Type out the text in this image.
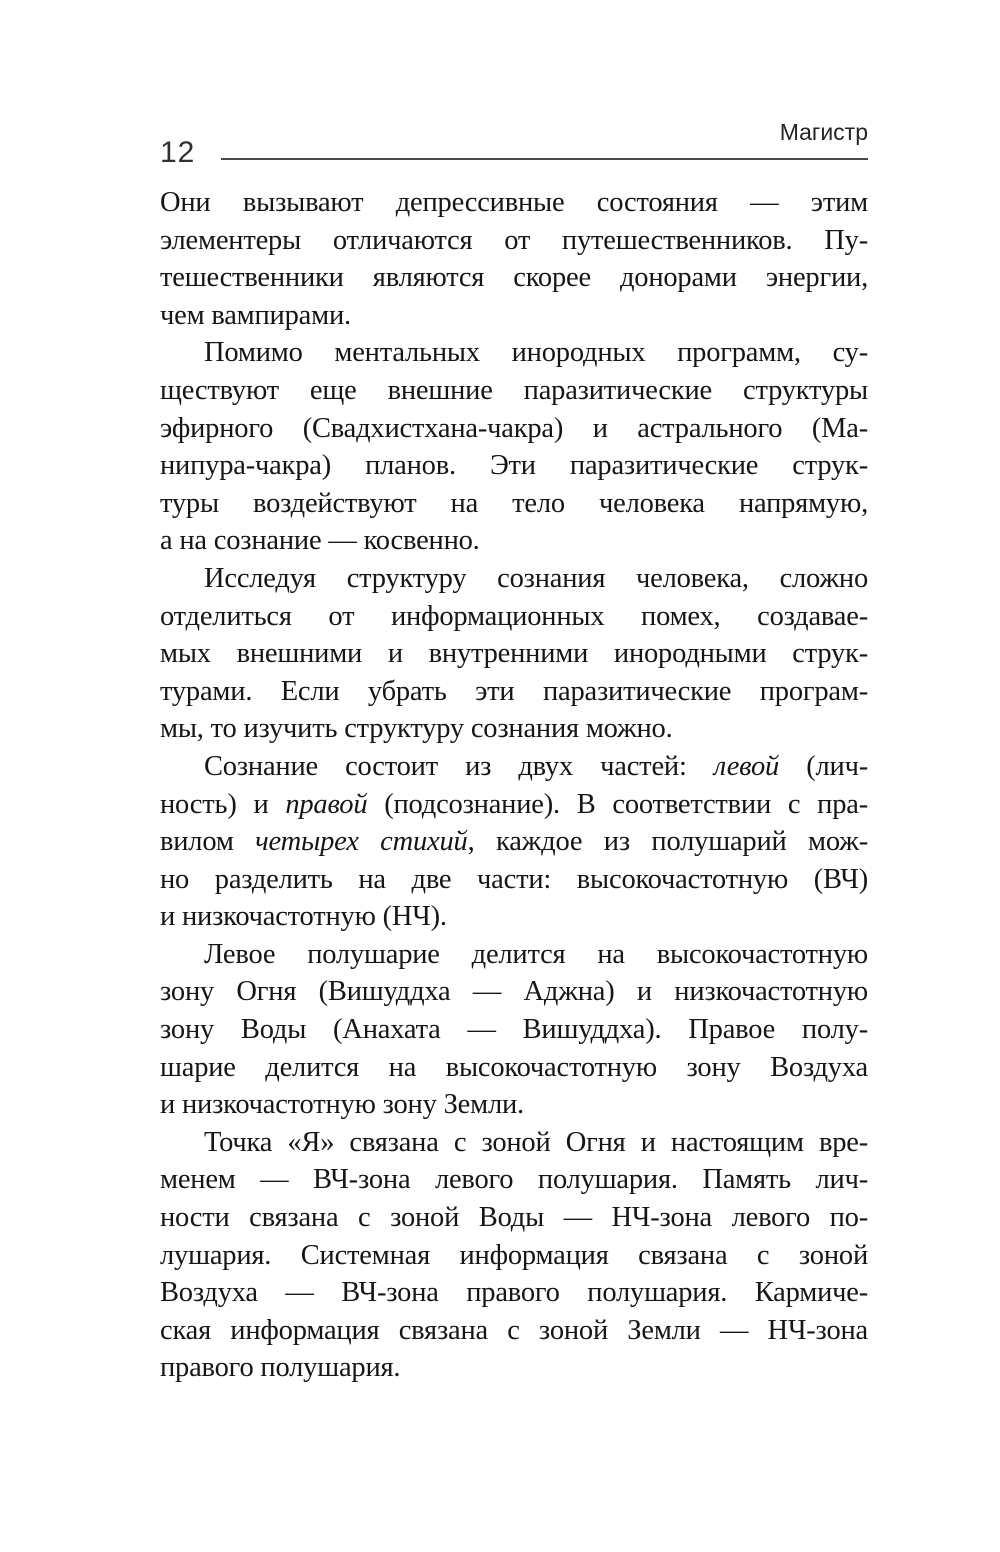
12
Магистр
Они вызывают депрессивные состояния — этим
элементеры отличаются от путешественников. Пу-
тешественники являются скорее донорами энергии,
чем вампирами.
Помимо ментальных инородных программ, су-
ществуют еще внешние паразитические структуры
эфирного (Свадхистхана-чакра) и астрального (Ма-
нипура-чакра) планов. Эти паразитические струк-
туры воздействуют на тело человека напрямую,
а на сознание — косвенно.
Исследуя структуру сознания человека, сложно
отделиться от информационных помех, создавае-
мых внешними и внутренними инородными струк-
турами. Если убрать эти паразитические програм-
мы, то изучить структуру сознания можно.
Сознание состоит из двух частей: левой (лич-
ность) и правой (подсознание). В соответствии с пра-
вилом четырех стихий, каждое из полушарий мож-
но разделить на две части: высокочастотную (ВЧ)
и низкочастотную (НЧ).
Левое полушарие делится на высокочастотную
зону Огня (Вишуддха — Аджна) и низкочастотную
зону Воды (Анахата — Вишуддха). Правое полу-
шарие делится на высокочастотную зону Воздуха
и низкочастотную зону Земли.
Точка «Я» связана с зоной Огня и настоящим вре-
менем — ВЧ-зона левого полушария. Память лич-
ности связана с зоной Воды — НЧ-зона левого по-
лушария. Системная информация связана с зоной
Воздуха — ВЧ-зона правого полушария. Кармиче-
ская информация связана с зоной Земли — НЧ-зона
правого полушария.
